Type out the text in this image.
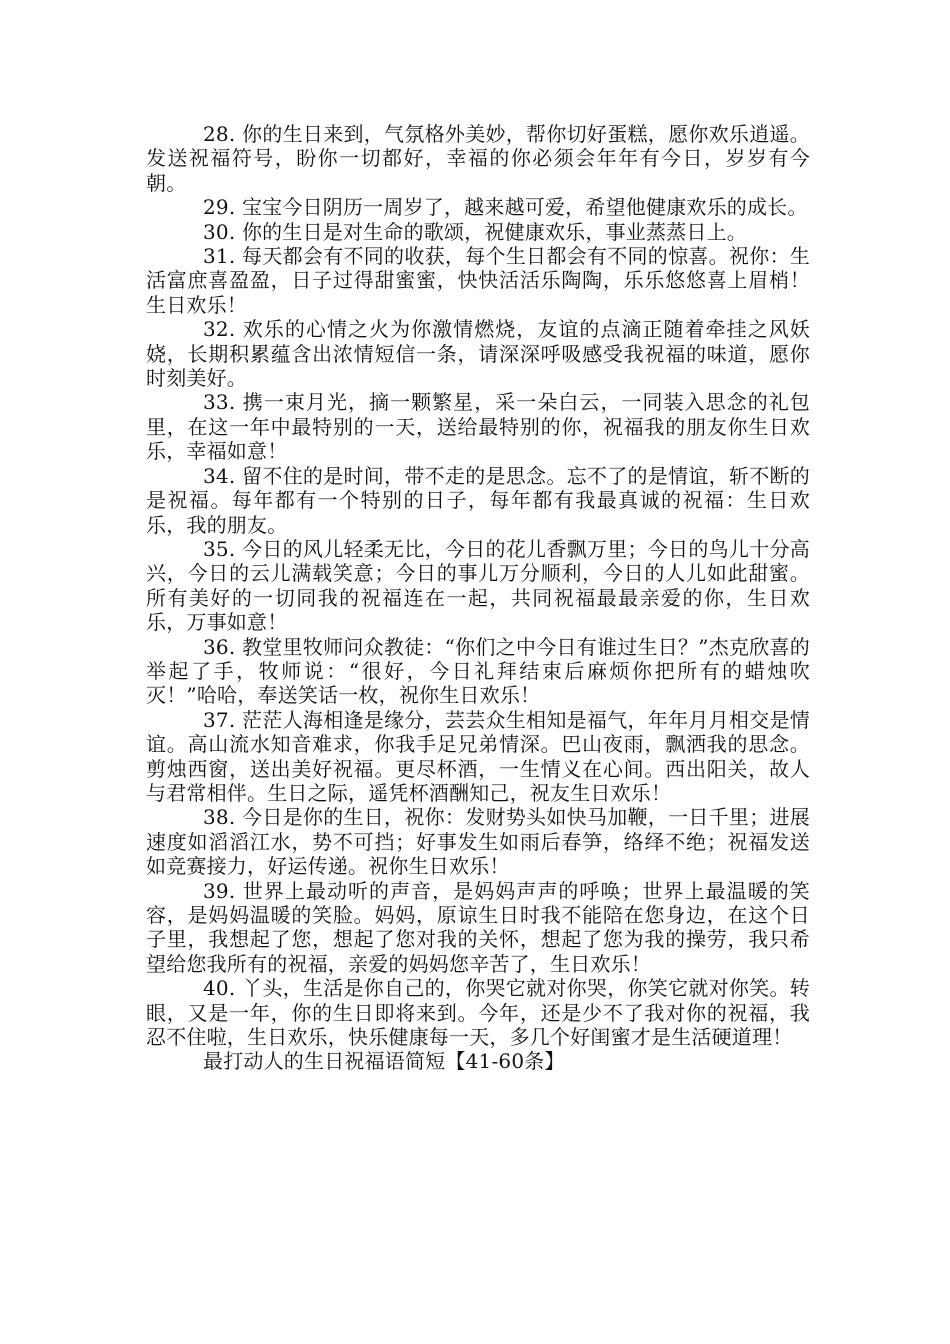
28. 你的生日来到，气氛格外美妙，帮你切好蛋糕，愿你欢乐逍遥。发送祝福符号，盼你一切都好，幸福的你必须会年年有今日，岁岁有今朝。

29. 宝宝今日阴历一周岁了，越来越可爱，希望他健康欢乐的成长。

30. 你的生日是对生命的歌颂，祝健康欢乐，事业蒸蒸日上。

31. 每天都会有不同的收获，每个生日都会有不同的惊喜。祝你：生活富庶喜盈盈，日子过得甜蜜蜜，快快活活乐陶陶，乐乐悠悠喜上眉梢！生日欢乐！

32. 欢乐的心情之火为你激情燃烧，友谊的点滴正随着牵挂之风妖娆，长期积累蕴含出浓情短信一条，请深深呼吸感受我祝福的味道，愿你时刻美好。

33. 携一束月光，摘一颗繁星，采一朵白云，一同装入思念的礼包里，在这一年中最特别的一天，送给最特别的你，祝福我的朋友你生日欢乐，幸福如意！

34. 留不住的是时间，带不走的是思念。忘不了的是情谊，斩不断的是祝福。每年都有一个特别的日子，每年都有我最真诚的祝福：生日欢乐，我的朋友。

35. 今日的风儿轻柔无比，今日的花儿香飘万里；今日的鸟儿十分高兴，今日的云儿满载笑意；今日的事儿万分顺利，今日的人儿如此甜蜜。所有美好的一切同我的祝福连在一起，共同祝福最最亲爱的你，生日欢乐，万事如意！

36. 教堂里牧师问众教徒：“你们之中今日有谁过生日？”杰克欣喜的举起了手，牧师说：“很好，今日礼拜结束后麻烦你把所有的蜡烛吹灭！”哈哈，奉送笑话一枚，祝你生日欢乐！

37. 茫茫人海相逢是缘分，芸芸众生相知是福气，年年月月相交是情谊。高山流水知音难求，你我手足兄弟情深。巴山夜雨，飘洒我的思念。剪烛西窗，送出美好祝福。更尽杯酒，一生情义在心间。西出阳关，故人与君常相伴。生日之际，遥凭杯酒酬知己，祝友生日欢乐！

38. 今日是你的生日，祝你：发财势头如快马加鞭，一日千里；进展速度如滔滔江水，势不可挡；好事发生如雨后春笋，络绎不绝；祝福发送如竞赛接力，好运传递。祝你生日欢乐！

39. 世界上最动听的声音，是妈妈声声的呼唤；世界上最温暖的笑容，是妈妈温暖的笑脸。妈妈，原谅生日时我不能陪在您身边，在这个日子里，我想起了您，想起了您对我的关怀，想起了您为我的操劳，我只希望给您我所有的祝福，亲爱的妈妈您辛苦了，生日欢乐！

40. 丫头，生活是你自己的，你哭它就对你哭，你笑它就对你笑。转眼，又是一年，你的生日即将来到。今年，还是少不了我对你的祝福，我忍不住啦，生日欢乐，快乐健康每一天，多几个好闺蜜才是生活硬道理！

最打动人的生日祝福语简短【41-60条】
